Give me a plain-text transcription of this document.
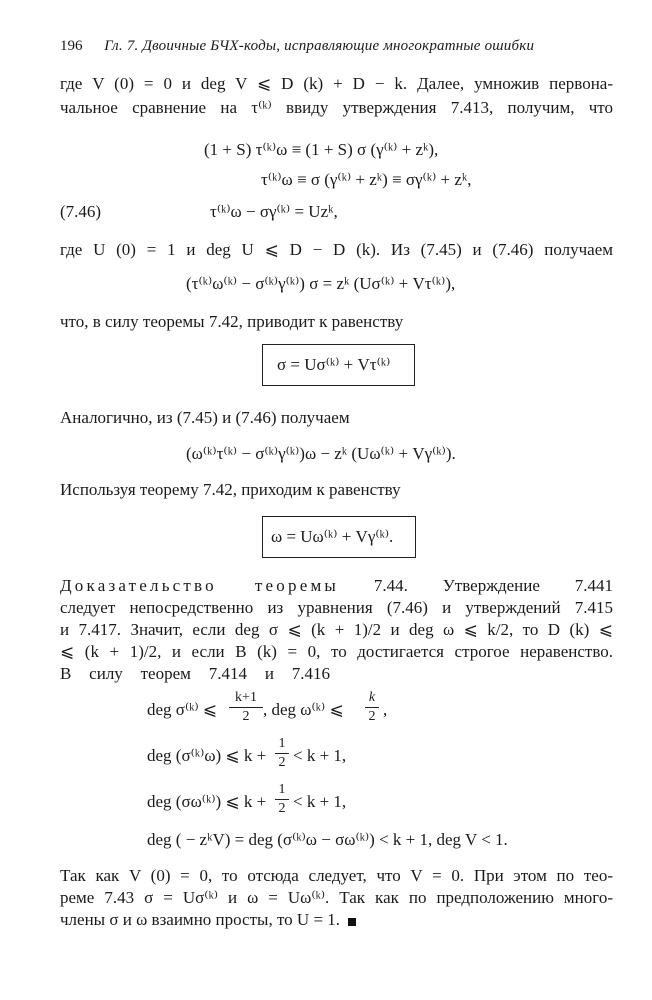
196 Гл. 7. Двоичные БЧХ-коды, исправляющие многократные ошибки
где V (0) = 0 и deg V ⩽ D (k) + D − k. Далее, умножив первона-
чальное сравнение на τ⁽ᵏ⁾ ввиду утверждения 7.413, получим, что
(1 + S) τ⁽ᵏ⁾ω ≡ (1 + S) σ (γ⁽ᵏ⁾ + zᵏ),
τ⁽ᵏ⁾ω ≡ σ (γ⁽ᵏ⁾ + zᵏ) ≡ σγ⁽ᵏ⁾ + zᵏ,
(7.46)	τ⁽ᵏ⁾ω − σγ⁽ᵏ⁾ = Uzᵏ,
где U (0) = 1 и deg U ⩽ D − D (k). Из (7.45) и (7.46) получаем
(τ⁽ᵏ⁾ω⁽ᵏ⁾ − σ⁽ᵏ⁾γ⁽ᵏ⁾) σ = zᵏ (Uσ⁽ᵏ⁾ + Vτ⁽ᵏ⁾),
что, в силу теоремы 7.42, приводит к равенству
σ = Uσ⁽ᵏ⁾ + Vτ⁽ᵏ⁾
Аналогично, из (7.45) и (7.46) получаем
(ω⁽ᵏ⁾τ⁽ᵏ⁾ − σ⁽ᵏ⁾γ⁽ᵏ⁾)ω − zᵏ (Uω⁽ᵏ⁾ + Vγ⁽ᵏ⁾).
Используя теорему 7.42, приходим к равенству
ω = Uω⁽ᵏ⁾ + Vγ⁽ᵏ⁾.
Доказательство теоремы 7.44. Утверждение 7.441
следует непосредственно из уравнения (7.46) и утверждений 7.415
и 7.417. Значит, если deg σ ⩽ (k + 1)/2 и deg ω ⩽ k/2, то D (k) ⩽
⩽ (k + 1)/2, и если B (k) = 0, то достигается строгое неравенство.
В силу теорем 7.414 и 7.416
deg σ⁽ᵏ⁾ ⩽
k+1
2 , deg ω⁽ᵏ⁾ ⩽
k
2 ,
deg (σ⁽ᵏ⁾ω) ⩽ k +
1
2 < k + 1,
deg (σω⁽ᵏ⁾) ⩽ k +
1
2 < k + 1,
deg ( − zᵏV) = deg (σ⁽ᵏ⁾ω − σω⁽ᵏ⁾) < k + 1, deg V < 1.
Так как V (0) = 0, то отсюда следует, что V = 0. При этом по тео-
реме 7.43 σ = Uσ⁽ᵏ⁾ и ω = Uω⁽ᵏ⁾. Так как по предположению много-
члены σ и ω взаимно просты, то U = 1.
